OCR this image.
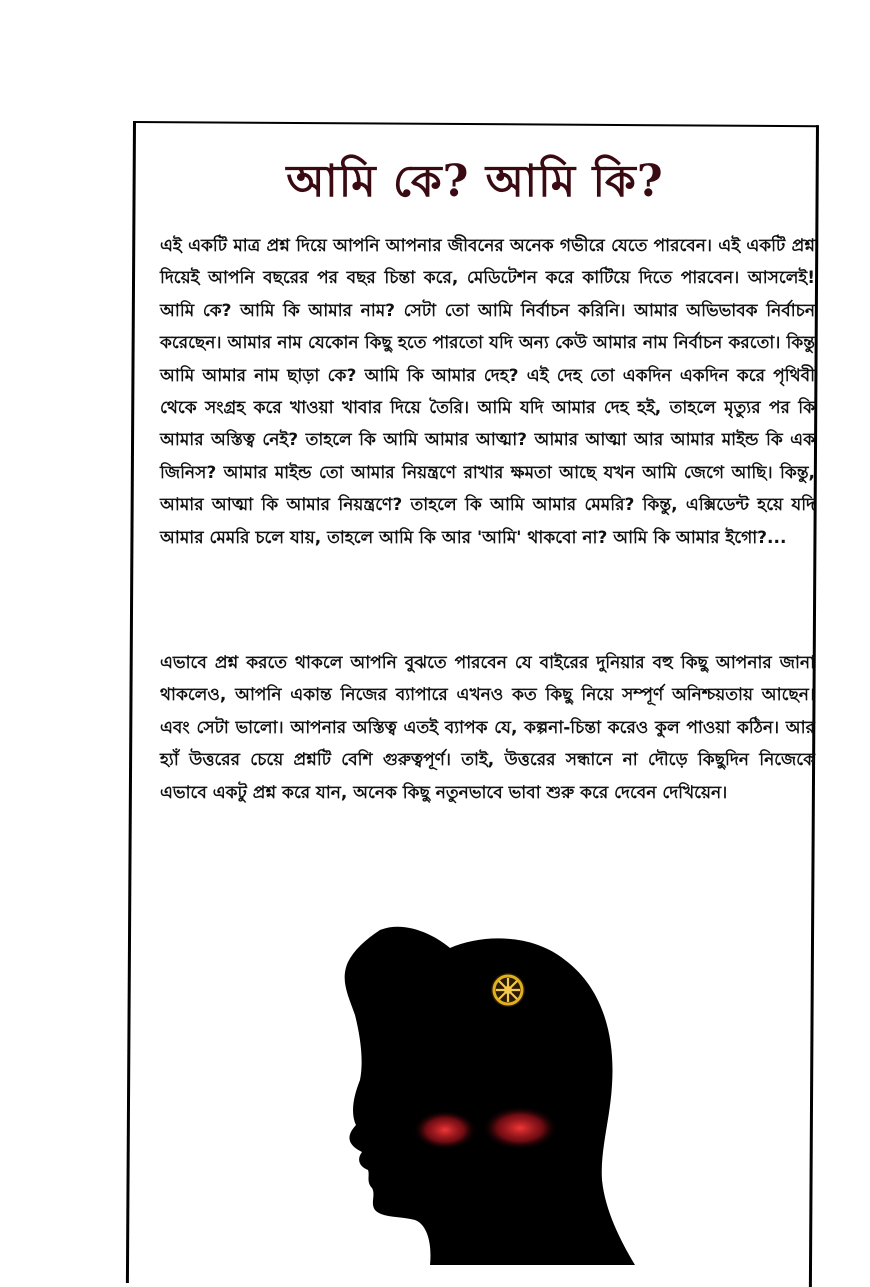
আমি কে? আমি কি?

এই একটি মাত্র প্রশ্ন দিয়ে আপনি আপনার জীবনের অনেক গভীরে যেতে পারবেন। এই একটি প্রশ্ন দিয়েই আপনি বছরের পর বছর চিন্তা করে, মেডিটেশন করে কাটিয়ে দিতে পারবেন। আসলেই! আমি কে? আমি কি আমার নাম? সেটা তো আমি নির্বাচন করিনি। আমার অভিভাবক নির্বাচন করেছেন। আমার নাম যেকোন কিছু হতে পারতো যদি অন্য কেউ আমার নাম নির্বাচন করতো। কিন্তু আমি আমার নাম ছাড়া কে? আমি কি আমার দেহ? এই দেহ তো একদিন একদিন করে পৃথিবী থেকে সংগ্রহ করে খাওয়া খাবার দিয়ে তৈরি। আমি যদি আমার দেহ হই, তাহলে মৃত্যুর পর কি আমার অস্তিত্ব নেই? তাহলে কি আমি আমার আত্মা? আমার আত্মা আর আমার মাইন্ড কি এক জিনিস? আমার মাইন্ড তো আমার নিয়ন্ত্রণে রাখার ক্ষমতা আছে যখন আমি জেগে আছি। কিন্তু, আমার আত্মা কি আমার নিয়ন্ত্রণে? তাহলে কি আমি আমার মেমরি? কিন্তু, এক্সিডেন্ট হয়ে যদি আমার মেমরি চলে যায়, তাহলে আমি কি আর 'আমি' থাকবো না? আমি কি আমার ইগো?...

এভাবে প্রশ্ন করতে থাকলে আপনি বুঝতে পারবেন যে বাইরের দুনিয়ার বহু কিছু আপনার জানা থাকলেও, আপনি একান্ত নিজের ব্যাপারে এখনও কত কিছু নিয়ে সম্পূর্ণ অনিশ্চয়তায় আছেন। এবং সেটা ভালো। আপনার অস্তিত্ব এতই ব্যাপক যে, কল্পনা-চিন্তা করেও কুল পাওয়া কঠিন। আর হ্যাঁ উত্তরের চেয়ে প্রশ্নটি বেশি গুরুত্বপূর্ণ। তাই, উত্তরের সন্ধানে না দৌড়ে কিছুদিন নিজেকে এভাবে একটু প্রশ্ন করে যান, অনেক কিছু নতুনভাবে ভাবা শুরু করে দেবেন দেখিয়েন।
